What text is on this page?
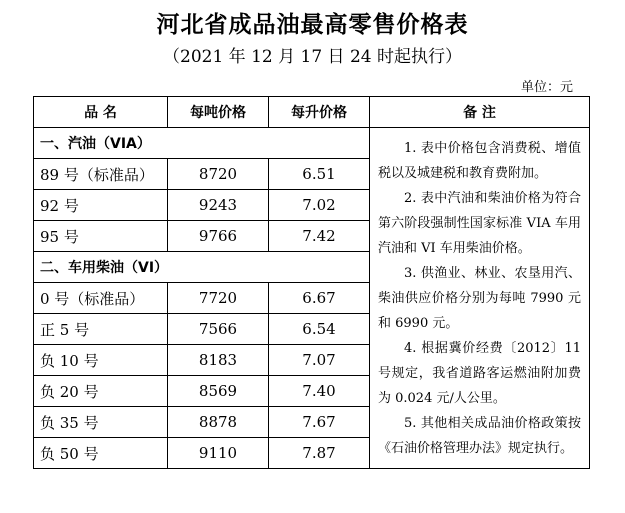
河北省成品油最高零售价格表
（2021 年 12 月 17 日 24 时起执行）
单位：元
品 名	每吨价格	每升价格	备 注
一、汽油（VIA）			1. 表中价格包含消费税、增值税以及城建税和教育费附加。

2. 表中汽油和柴油价格为符合第六阶段强制性国家标准 VIA 车用汽油和 VI 车用柴油价格。

3. 供渔业、林业、农垦用汽、柴油供应价格分别为每吨 7990 元和 6990 元。

4. 根据冀价经费〔2012〕11 号规定，我省道路客运燃油附加费为 0.024 元/人公里。

5. 其他相关成品油价格政策按《石油价格管理办法》规定执行。

89 号（标准品）	8720	6.51	
92 号	9243	7.02	
95 号	9766	7.42	
二、车用柴油（VI）			
0 号（标准品）	7720	6.67	
正 5 号	7566	6.54	
负 10 号	8183	7.07	
负 20 号	8569	7.40	
负 35 号	8878	7.67	
负 50 号	9110	7.87	
